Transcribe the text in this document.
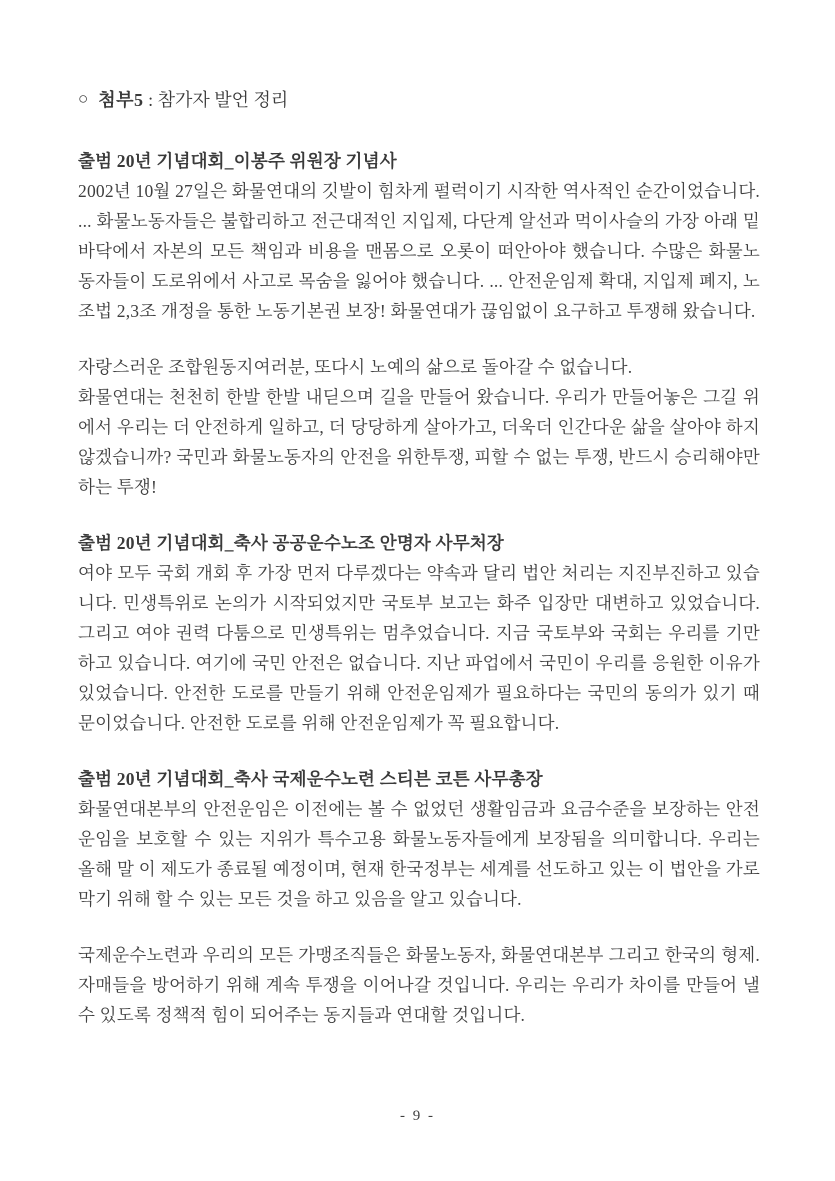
○ 첨부5 : 참가자 발언 정리
출범 20년 기념대회_이봉주 위원장 기념사

2002년 10월 27일은 화물연대의 깃발이 힘차게 펄럭이기 시작한 역사적인 순간이었습니다. ... 화물노동자들은 불합리하고 전근대적인 지입제, 다단계 알선과 먹이사슬의 가장 아래 밑바닥에서 자본의 모든 책임과 비용을 맨몸으로 오롯이 떠안아야 했습니다. 수많은 화물노동자들이 도로위에서 사고로 목숨을 잃어야 했습니다. ... 안전운임제 확대, 지입제 폐지, 노조법 2,3조 개정을 통한 노동기본권 보장! 화물연대가 끊임없이 요구하고 투쟁해 왔습니다.

자랑스러운 조합원동지여러분, 또다시 노예의 삶으로 돌아갈 수 없습니다.

화물연대는 천천히 한발 한발 내딛으며 길을 만들어 왔습니다. 우리가 만들어놓은 그길 위에서 우리는 더 안전하게 일하고, 더 당당하게 살아가고, 더욱더 인간다운 삶을 살아야 하지 않겠습니까? 국민과 화물노동자의 안전을 위한투쟁, 피할 수 없는 투쟁, 반드시 승리해야만 하는 투쟁!

출범 20년 기념대회_축사 공공운수노조 안명자 사무처장

여야 모두 국회 개회 후 가장 먼저 다루겠다는 약속과 달리 법안 처리는 지진부진하고 있습니다. 민생특위로 논의가 시작되었지만 국토부 보고는 화주 입장만 대변하고 있었습니다. 그리고 여야 권력 다툼으로 민생특위는 멈추었습니다. 지금 국토부와 국회는 우리를 기만하고 있습니다. 여기에 국민 안전은 없습니다. 지난 파업에서 국민이 우리를 응원한 이유가 있었습니다. 안전한 도로를 만들기 위해 안전운임제가 필요하다는 국민의 동의가 있기 때문이었습니다. 안전한 도로를 위해 안전운임제가 꼭 필요합니다.

출범 20년 기념대회_축사 국제운수노련 스티븐 코튼 사무총장

화물연대본부의 안전운임은 이전에는 볼 수 없었던 생활임금과 요금수준을 보장하는 안전운임을 보호할 수 있는 지위가 특수고용 화물노동자들에게 보장됨을 의미합니다. 우리는 올해 말 이 제도가 종료될 예정이며, 현재 한국정부는 세계를 선도하고 있는 이 법안을 가로막기 위해 할 수 있는 모든 것을 하고 있음을 알고 있습니다.

국제운수노련과 우리의 모든 가맹조직들은 화물노동자, 화물연대본부 그리고 한국의 형제.자매들을 방어하기 위해 계속 투쟁을 이어나갈 것입니다. 우리는 우리가 차이를 만들어 낼 수 있도록 정책적 힘이 되어주는 동지들과 연대할 것입니다.

- 9 -
